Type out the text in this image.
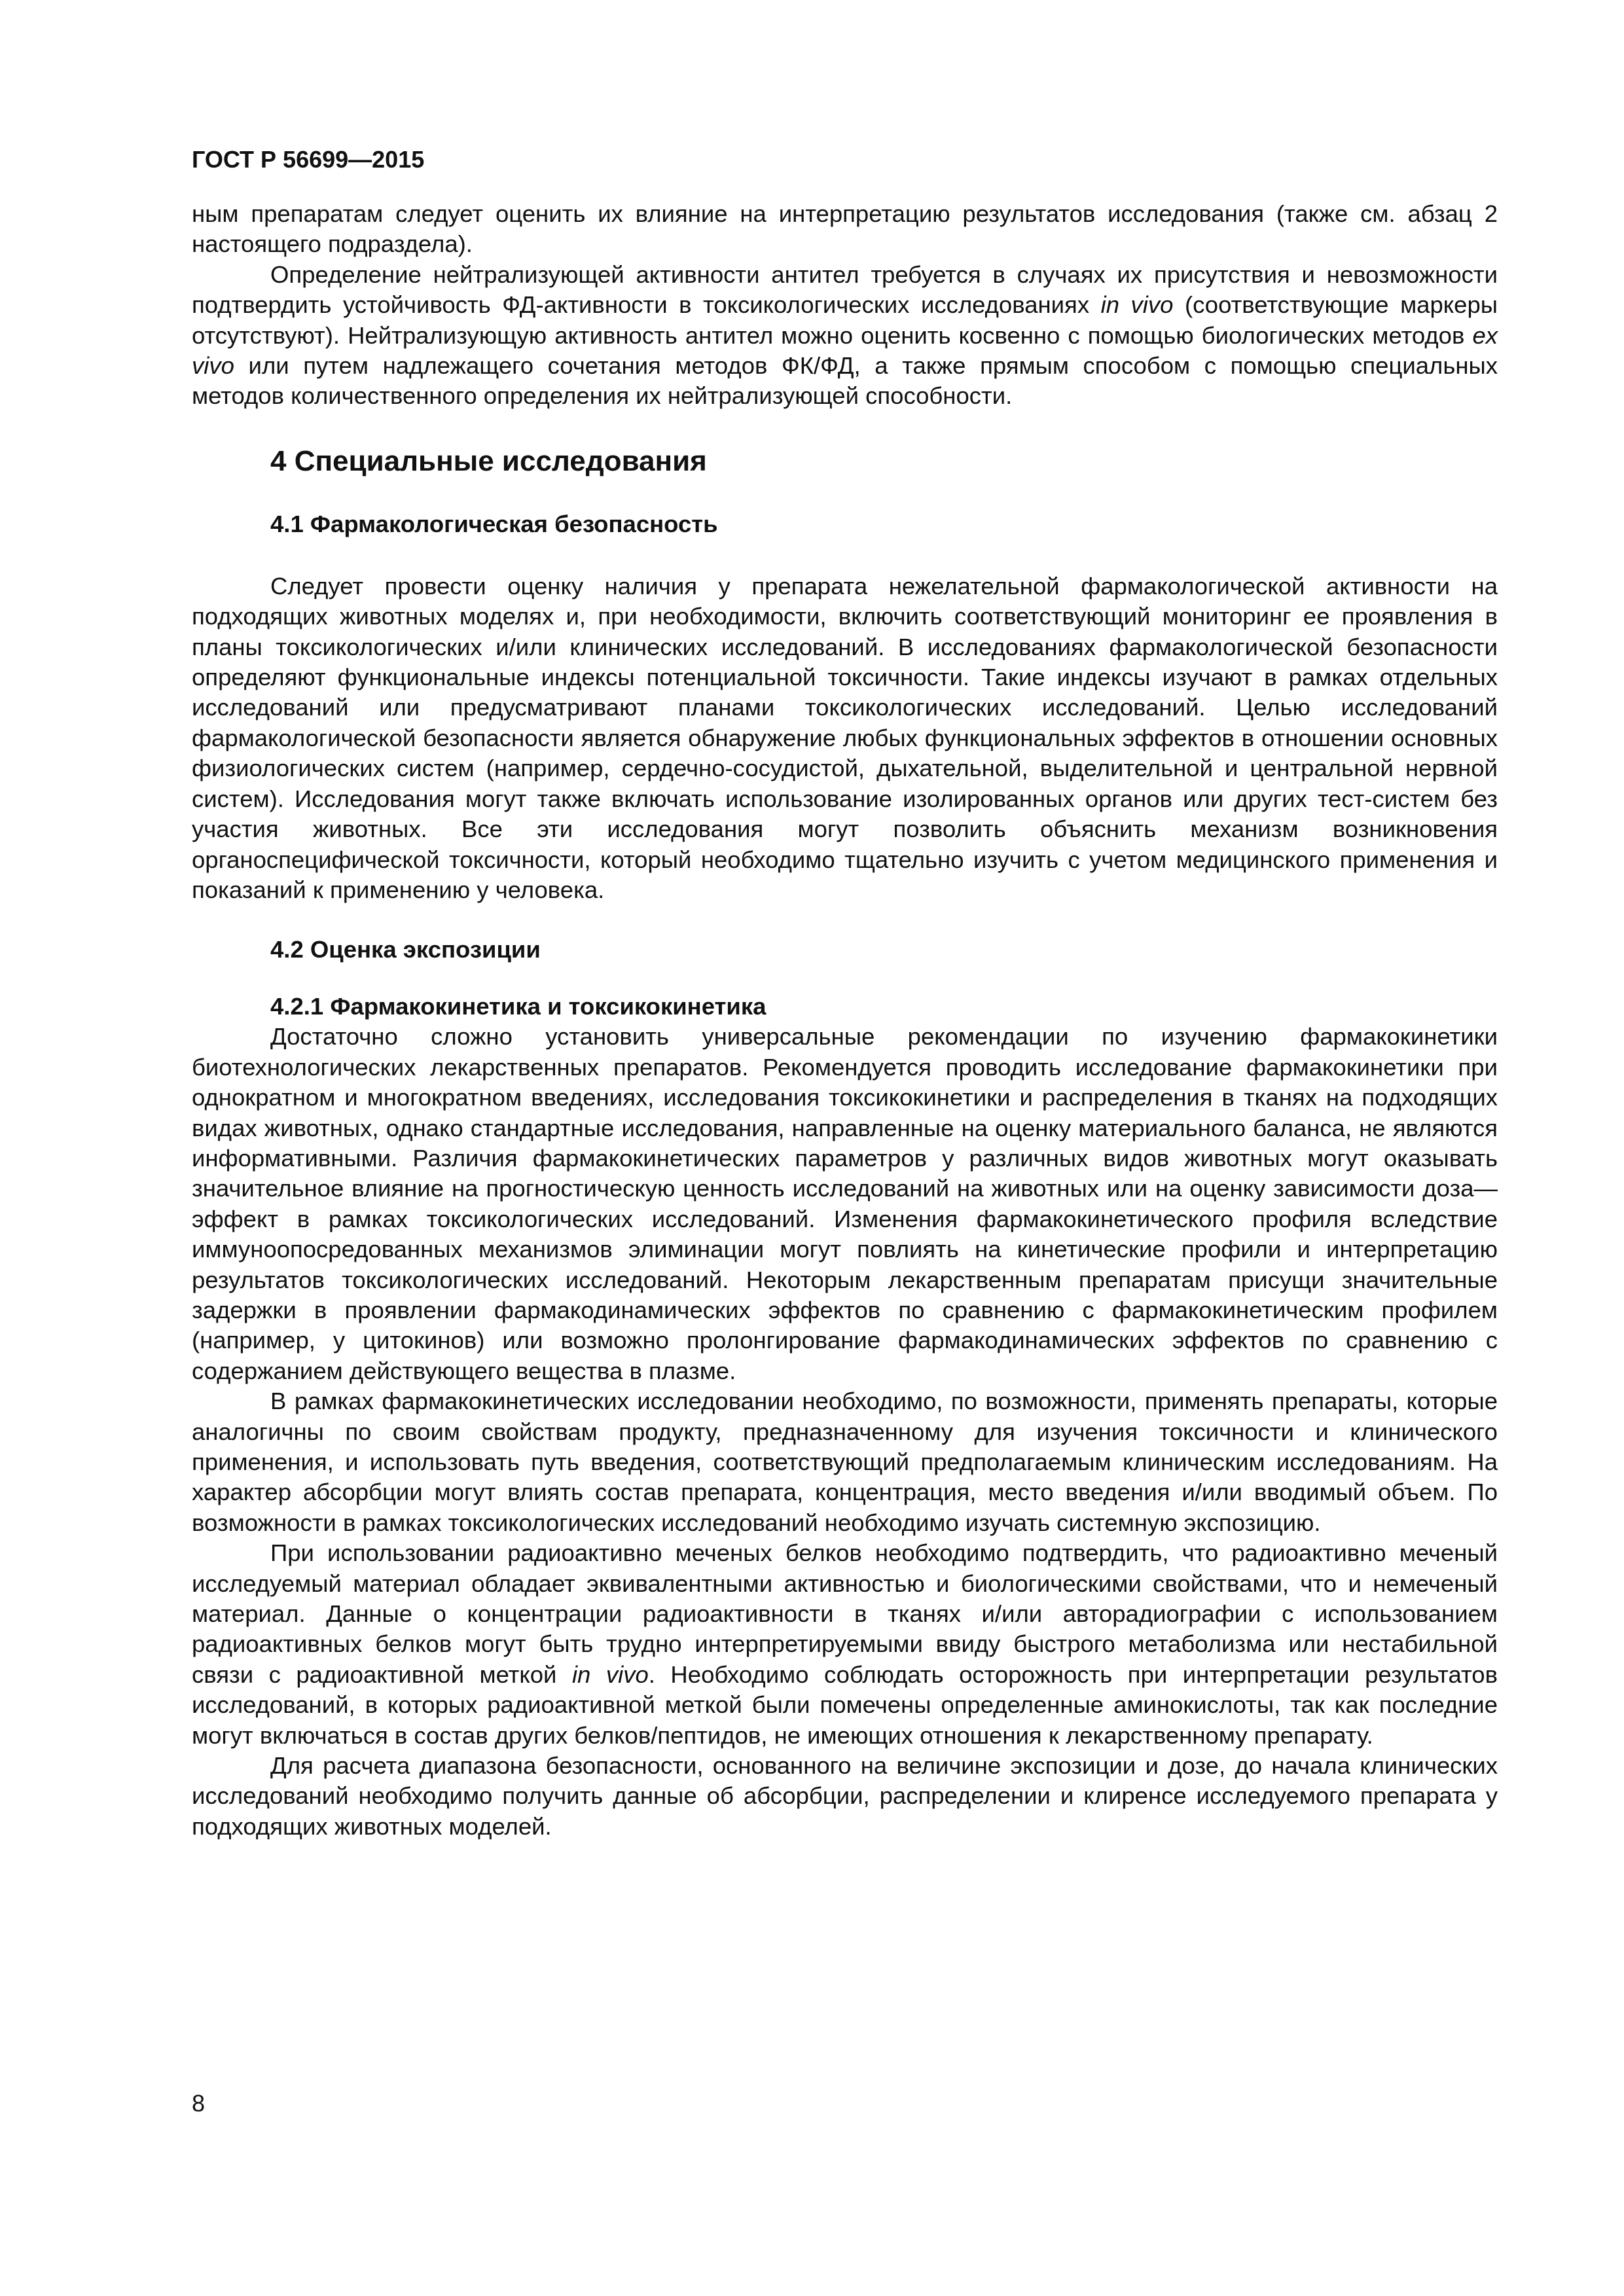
ГОСТ Р 56699—2015

ным препаратам следует оценить их влияние на интерпретацию результатов исследования (также см. абзац 2 настоящего подраздела).

Определение нейтрализующей активности антител требуется в случаях их присутствия и невозможности подтвердить устойчивость ФД-активности в токсикологических исследованиях in vivo (соответствующие маркеры отсутствуют). Нейтрализующую активность антител можно оценить косвенно с помощью биологических методов ex vivo или путем надлежащего сочетания методов ФК/ФД, а также прямым способом с помощью специальных методов количественного определения их нейтрализующей способности.

4 Специальные исследования
4.1 Фармакологическая безопасность

Следует провести оценку наличия у препарата нежелательной фармакологической активности на подходящих животных моделях и, при необходимости, включить соответствующий мониторинг ее проявления в планы токсикологических и/или клинических исследований. В исследованиях фармакологической безопасности определяют функциональные индексы потенциальной токсичности. Такие индексы изучают в рамках отдельных исследований или предусматривают планами токсикологических исследований. Целью исследований фармакологической безопасности является обнаружение любых функциональных эффектов в отношении основных физиологических систем (например, сердечно-сосудистой, дыхательной, выделительной и центральной нервной систем). Исследования могут также включать использование изолированных органов или других тест-систем без участия животных. Все эти исследования могут позволить объяснить механизм возникновения органоспецифической токсичности, который необходимо тщательно изучить с учетом медицинского применения и показаний к применению у человека.

4.2 Оценка экспозиции
4.2.1 Фармакокинетика и токсикокинетика

Достаточно сложно установить универсальные рекомендации по изучению фармакокинетики биотехнологических лекарственных препаратов. Рекомендуется проводить исследование фармакокинетики при однократном и многократном введениях, исследования токсикокинетики и распределения в тканях на подходящих видах животных, однако стандартные исследования, направленные на оценку материального баланса, не являются информативными. Различия фармакокинетических параметров у различных видов животных могут оказывать значительное влияние на прогностическую ценность исследований на животных или на оценку зависимости доза—эффект в рамках токсикологических исследований. Изменения фармакокинетического профиля вследствие иммуноопосредованных механизмов элиминации могут повлиять на кинетические профили и интерпретацию результатов токсикологических исследований. Некоторым лекарственным препаратам присущи значительные задержки в проявлении фармакодинамических эффектов по сравнению с фармакокинетическим профилем (например, у цитокинов) или возможно пролонгирование фармакодинамических эффектов по сравнению с содержанием действующего вещества в плазме.

В рамках фармакокинетических исследовании необходимо, по возможности, применять препараты, которые аналогичны по своим свойствам продукту, предназначенному для изучения токсичности и клинического применения, и использовать путь введения, соответствующий предполагаемым клиническим исследованиям. На характер абсорбции могут влиять состав препарата, концентрация, место введения и/или вводимый объем. По возможности в рамках токсикологических исследований необходимо изучать системную экспозицию.

При использовании радиоактивно меченых белков необходимо подтвердить, что радиоактивно меченый исследуемый материал обладает эквивалентными активностью и биологическими свойствами, что и немеченый материал. Данные о концентрации радиоактивности в тканях и/или авторадиографии с использованием радиоактивных белков могут быть трудно интерпретируемыми ввиду быстрого метаболизма или нестабильной связи с радиоактивной меткой in vivo. Необходимо соблюдать осторожность при интерпретации результатов исследований, в которых радиоактивной меткой были помечены определенные аминокислоты, так как последние могут включаться в состав других белков/пептидов, не имеющих отношения к лекарственному препарату.

Для расчета диапазона безопасности, основанного на величине экспозиции и дозе, до начала клинических исследований необходимо получить данные об абсорбции, распределении и клиренсе исследуемого препарата у подходящих животных моделей.

8
